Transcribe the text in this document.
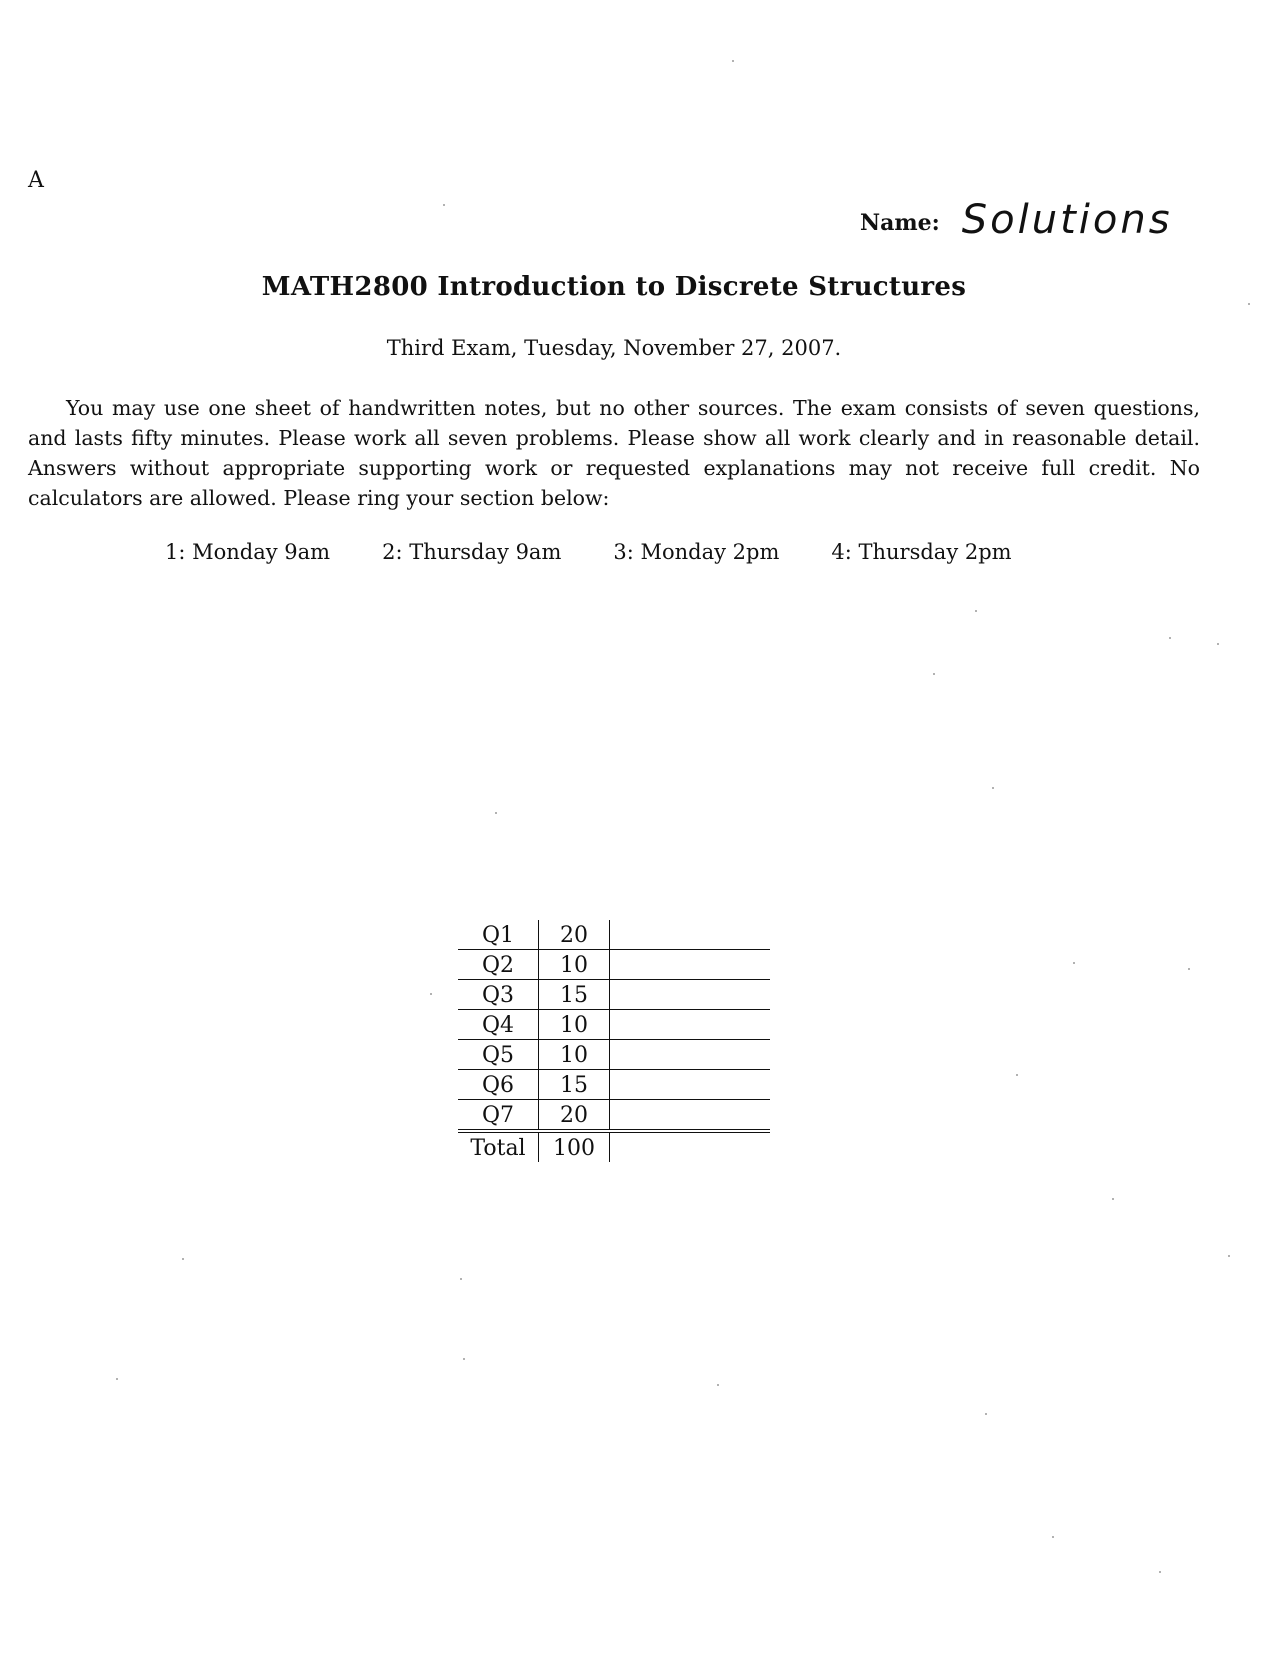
A
Name: Solutions
MATH2800 Introduction to Discrete Structures
Third Exam, Tuesday, November 27, 2007.

You may use one sheet of handwritten notes, but no other sources. The exam consists of seven questions, and lasts fifty minutes. Please work all seven problems. Please show all work clearly and in reasonable detail. Answers without appropriate supporting work or requested explanations may not receive full credit. No calculators are allowed. Please ring your section below:

1: Monday 9am 2: Thursday 9am 3: Monday 2pm 4: Thursday 2pm
Q1	20	
Q2	10	
Q3	15	
Q4	10	
Q5	10	
Q6	15	
Q7	20	
Total	100	
